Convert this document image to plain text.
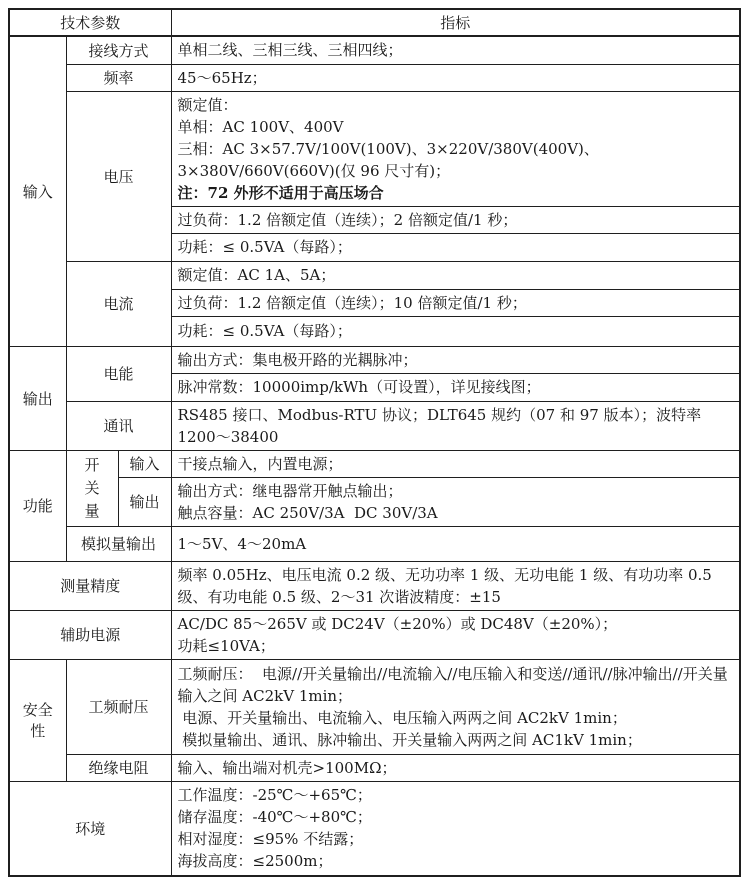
技术参数			指标
输入	接线方式		单相二线、三相三线、三相四线；
	频率		45～65Hz；
	电压		额定值：
单相：AC 100V、400V
三相：AC 3×57.7V/100V(100V)、3×220V/380V(400V)、3×380V/660V(660V)(仅 96 尺寸有)；
注：72 外形不适用于高压场合

			过负荷：1.2 倍额定值（连续）；2 倍额定值/1 秒；
			功耗：≤ 0.5VA（每路）；
	电流		额定值：AC 1A、5A；
			过负荷：1.2 倍额定值（连续）；10 倍额定值/1 秒；
			功耗：≤ 0.5VA（每路）；
输出	电能		输出方式：集电极开路的光耦脉冲；
			脉冲常数：10000imp/kWh（可设置），详见接线图；
	通讯		RS485 接口、Modbus-RTU 协议；DLT645 规约（07 和 97 版本）；波特率 1200～38400
功能	开关量	输入	干接点输入，内置电源；
		输出	输出方式：继电器常开触点输出；
触点容量：AC 250V/3A  DC 30V/3A

	模拟量输出		1～5V、4～20mA
测量精度			频率 0.05Hz、电压电流 0.2 级、无功功率 1 级、无功电能 1 级、有功功率 0.5 级、有功电能 0.5 级、2～31 次谐波精度：±15
辅助电源			AC/DC 85～265V 或 DC24V（±20%）或 DC48V（±20%）；
功耗≤10VA；

安全性	工频耐压		工频耐压：  电源//开关量输出//电流输入//电压输入和变送//通讯//脉冲输出//开关量输入之间 AC2kV 1min；
电源、开关量输出、电流输入、电压输入两两之间 AC2kV 1min；
模拟量输出、通讯、脉冲输出、开关量输入两两之间 AC1kV 1min；

	绝缘电阻		输入、输出端对机壳>100MΩ；
环境			工作温度：-25℃～+65℃；
储存温度：-40℃～+80℃；
相对湿度：≤95% 不结露；
海拔高度：≤2500m；
